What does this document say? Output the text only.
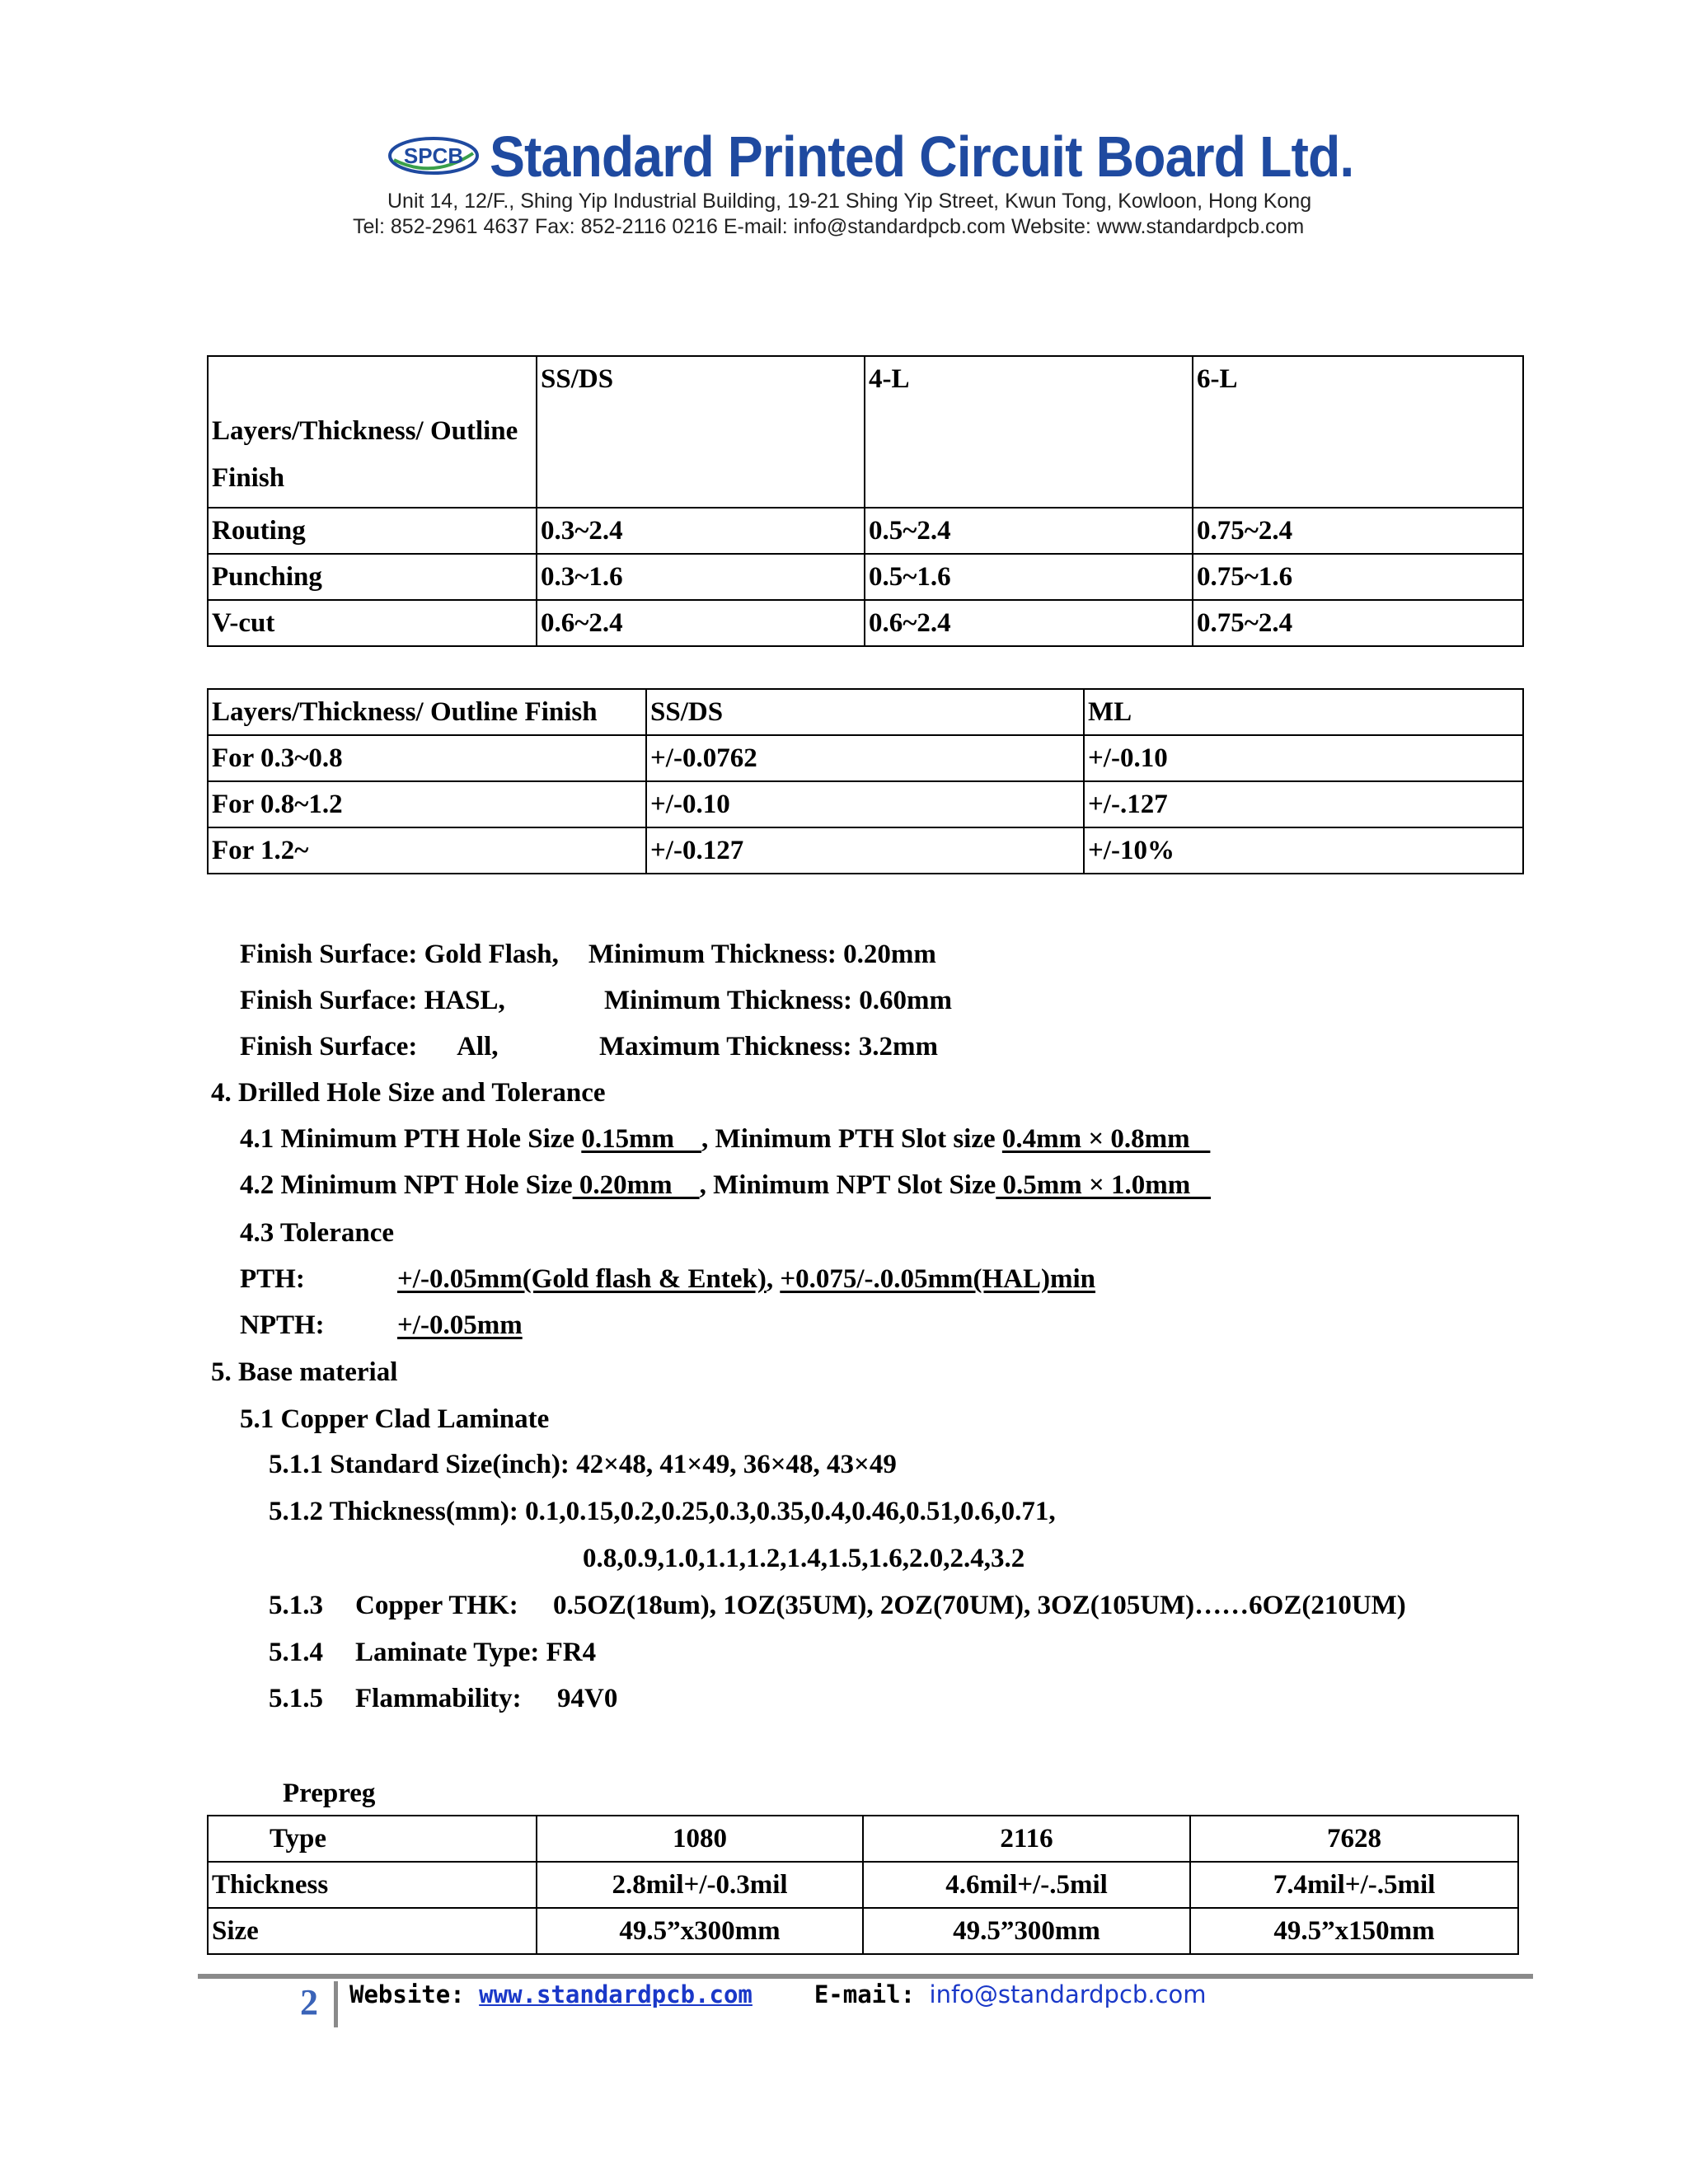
SPCB Standard Printed Circuit Board Ltd.
Unit 14, 12/F., Shing Yip Industrial Building, 19-21 Shing Yip Street, Kwun Tong, Kowloon, Hong Kong
Tel: 852-2961 4637 Fax: 852-2116 0216 E-mail: info@standardpcb.com Website: www.standardpcb.com
Layers/Thickness/ Outline
Finish	SS/DS	4-L	6-L
Routing	0.3~2.4	0.5~2.4	0.75~2.4
Punching	0.3~1.6	0.5~1.6	0.75~1.6
V-cut	0.6~2.4	0.6~2.4	0.75~2.4
Layers/Thickness/ Outline Finish	SS/DS	ML
For 0.3~0.8	+/-0.0762	+/-0.10
For 0.8~1.2	+/-0.10	+/-.127
For 1.2~	+/-0.127	+/-10%
Finish Surface: Gold Flash, Minimum Thickness: 0.20mm
Finish Surface: HASL,	Minimum Thickness: 0.60mm
Finish Surface:      All,	Maximum Thickness: 3.2mm
4. Drilled Hole Size and Tolerance
4.1 Minimum PTH Hole Size 0.15mm    , Minimum PTH Slot size 0.4mm × 0.8mm
4.2 Minimum NPT Hole Size 0.20mm    , Minimum NPT Slot Size 0.5mm × 1.0mm
4.3 Tolerance
PTH:	+/-0.05mm(Gold flash & Entek), +0.075/-.0.05mm(HAL)min
NPTH:	+/-0.05mm
5. Base material
5.1 Copper Clad Laminate
5.1.1 Standard Size(inch): 42×48, 41×49, 36×48, 43×49
5.1.2 Thickness(mm): 0.1,0.15,0.2,0.25,0.3,0.35,0.4,0.46,0.51,0.6,0.71,
0.8,0.9,1.0,1.1,1.2,1.4,1.5,1.6,2.0,2.4,3.2
5.1.3 Copper THK: 0.5OZ(18um), 1OZ(35UM), 2OZ(70UM), 3OZ(105UM)……6OZ(210UM)
5.1.4 Laminate Type: FR4
5.1.5 Flammability: 94V0
Prepreg
Type	1080	2116	7628
Thickness	2.8mil+/-0.3mil	4.6mil+/-.5mil	7.4mil+/-.5mil
Size	49.5”x300mm	49.5”300mm	49.5”x150mm
2 Website: www.standardpcb.com	E-mail: info@standardpcb.com
